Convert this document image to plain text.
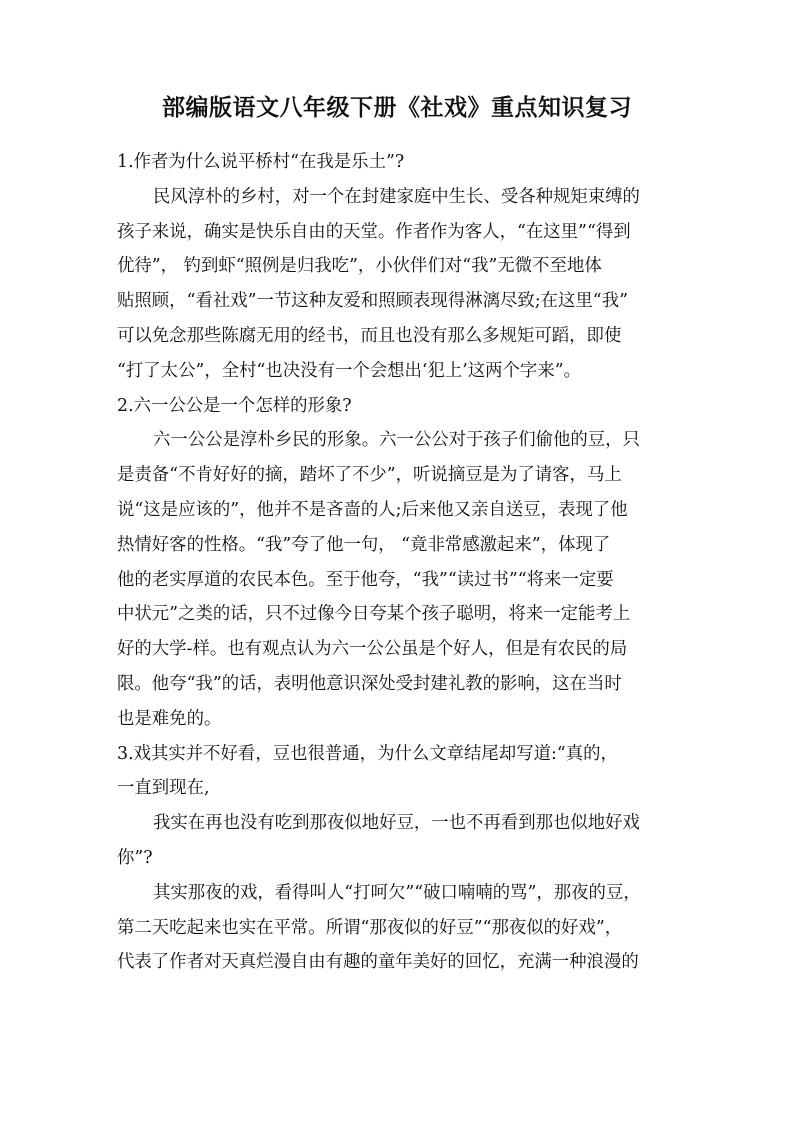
部编版语文八年级下册《社戏》重点知识复习
1.作者为什么说平桥村“在我是乐土”?
民风淳朴的乡村，对一个在封建家庭中生长、受各种规矩束缚的
孩子来说，确实是快乐自由的天堂。作者作为客人，“在这里”“得到
优待”， 钓到虾“照例是归我吃”，小伙伴们对“我”无微不至地体
贴照顾，“看社戏”一节这种友爱和照顾表现得淋漓尽致;在这里“我”
可以免念那些陈腐无用的经书，而且也没有那么多规矩可蹈，即使
“打了太公”，全村“也决没有一个会想出‘犯上’这两个字来”。
2.六一公公是一个怎样的形象?
六一公公是淳朴乡民的形象。六一公公对于孩子们偷他的豆，只
是责备“不肯好好的摘，踏坏了不少”，听说摘豆是为了请客，马上
说“这是应该的”，他并不是吝啬的人;后来他又亲自送豆，表现了他
热情好客的性格。“我”夸了他一句， “竟非常感激起来”，体现了
他的老实厚道的农民本色。至于他夸，“我”“读过书”“将来一定要
中状元”之类的话，只不过像今日夸某个孩子聪明，将来一定能考上
好的大学-样。也有观点认为六一公公虽是个好人，但是有农民的局
限。他夸“我”的话，表明他意识深处受封建礼教的影响，这在当时
也是难免的。
3.戏其实并不好看，豆也很普通，为什么文章结尾却写道:“真的，
一直到现在,
我实在再也没有吃到那夜似地好豆，一也不再看到那也似地好戏
你”?
其实那夜的戏，看得叫人“打呵欠”“破口喃喃的骂”，那夜的豆，
第二天吃起来也实在平常。所谓“那夜似的好豆”“那夜似的好戏”，
代表了作者对天真烂漫自由有趣的童年美好的回忆，充满一种浪漫的
